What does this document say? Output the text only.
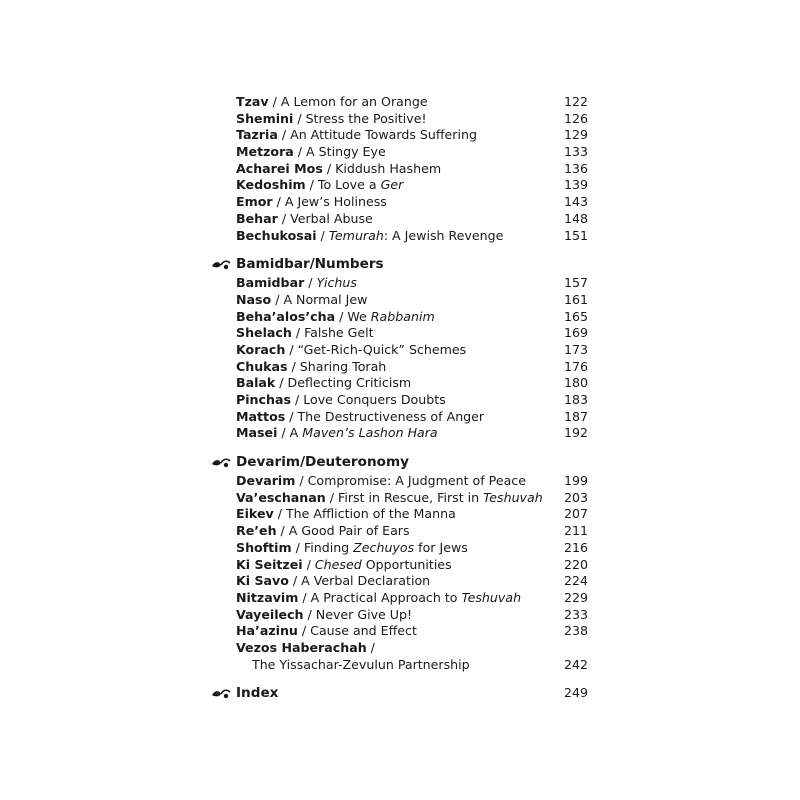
Tzav / A Lemon for an Orange	122
Shemini / Stress the Positive!	126
Tazria / An Attitude Towards Suffering	129
Metzora / A Stingy Eye	133
Acharei Mos / Kiddush Hashem	136
Kedoshim / To Love a Ger	139
Emor / A Jew’s Holiness	143
Behar / Verbal Abuse	148
Bechukosai / Temurah: A Jewish Revenge	151
Bamidbar/Numbers
Bamidbar / Yichus	157
Naso / A Normal Jew	161
Beha’alos’cha / We Rabbanim	165
Shelach / Falshe Gelt	169
Korach / “Get-Rich-Quick” Schemes	173
Chukas / Sharing Torah	176
Balak / Deflecting Criticism	180
Pinchas / Love Conquers Doubts	183
Mattos / The Destructiveness of Anger	187
Masei / A Maven’s Lashon Hara	192
Devarim/Deuteronomy
Devarim / Compromise: A Judgment of Peace	199
Va’eschanan / First in Rescue, First in Teshuvah 203
Eikev / The Affliction of the Manna	207
Re’eh / A Good Pair of Ears	211
Shoftim / Finding Zechuyos for Jews	216
Ki Seitzei / Chesed Opportunities	220
Ki Savo / A Verbal Declaration	224
Nitzavim / A Practical Approach to Teshuvah	229
Vayeilech / Never Give Up!	233
Ha’azinu / Cause and Effect	238
Vezos Haberachah /
The Yissachar-Zevulun Partnership	242
Index	249
